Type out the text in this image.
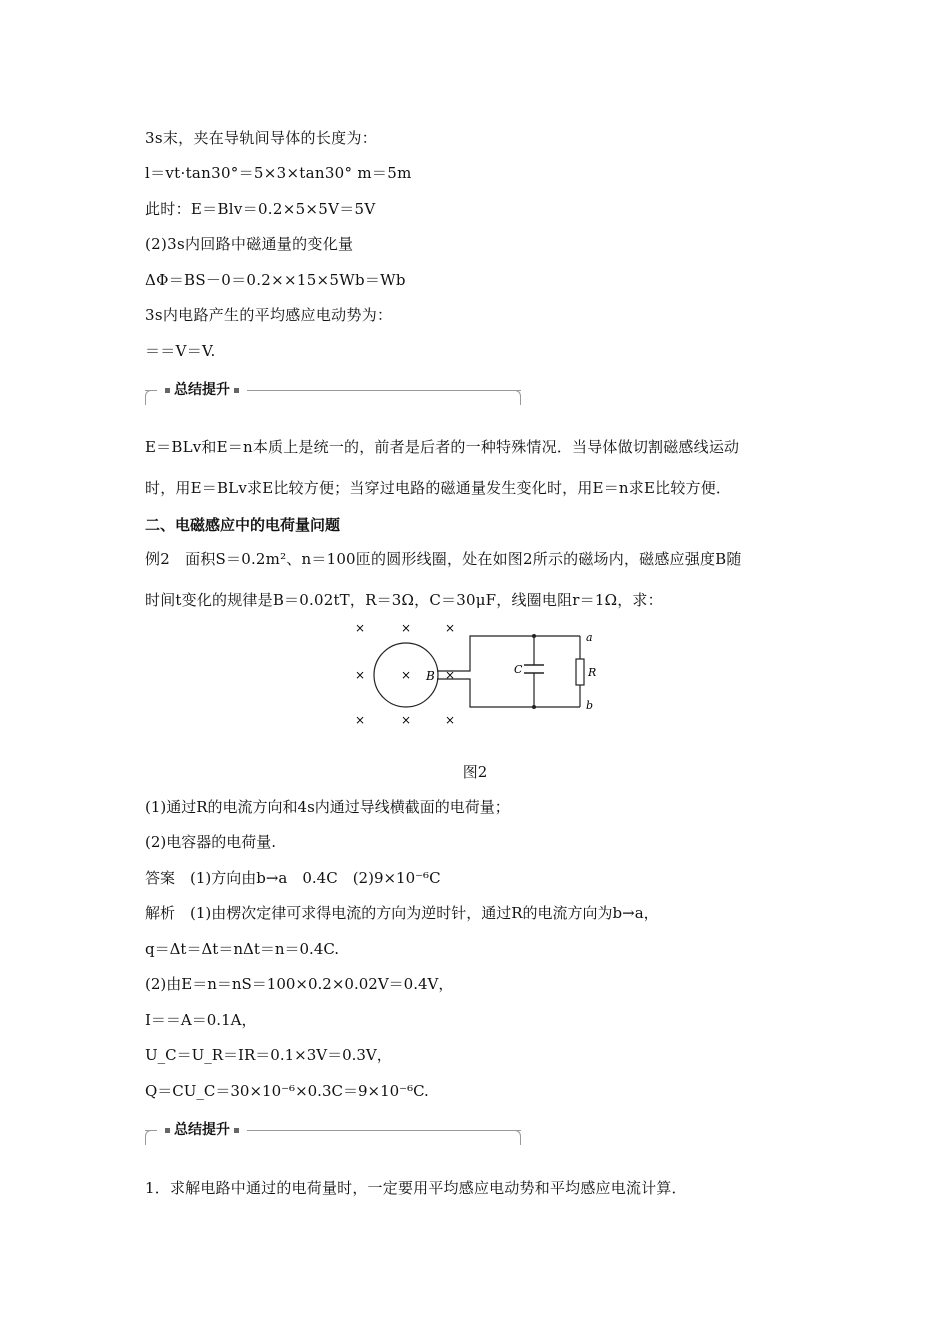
3s末，夹在导轨间导体的长度为：
l＝vt·tan30°＝5×3×tan30° m＝5m
此时：E＝Blv＝0.2×5×5V＝5V
(2)3s内回路中磁通量的变化量
ΔΦ＝BS－0＝0.2××15×5Wb＝Wb
3s内电路产生的平均感应电动势为：
＝＝V＝V.
总结提升
E＝BLv和E＝n本质上是统一的，前者是后者的一种特殊情况．当导体做切割磁感线运动
时，用E＝BLv求E比较方便；当穿过电路的磁通量发生变化时，用E＝n求E比较方便．
二、电磁感应中的电荷量问题
例2　面积S＝0.2m²、n＝100匝的圆形线圈，处在如图2所示的磁场内，磁感应强度B随
时间t变化的规律是B＝0.02tT，R＝3Ω，C＝30μF，线圈电阻r＝1Ω，求：
×	×	×
×	×	×
×	×	×
B	C	R
a
b
图2
(1)通过R的电流方向和4s内通过导线横截面的电荷量；
(2)电容器的电荷量.
答案　(1)方向由b→a　0.4C　(2)9×10⁻⁶C
解析　(1)由楞次定律可求得电流的方向为逆时针，通过R的电流方向为b→a，
q＝Δt＝Δt＝nΔt＝n＝0.4C.
(2)由E＝n＝nS＝100×0.2×0.02V＝0.4V，
I＝＝A＝0.1A，
U_C＝U_R＝IR＝0.1×3V＝0.3V，
Q＝CU_C＝30×10⁻⁶×0.3C＝9×10⁻⁶C.
总结提升
1．求解电路中通过的电荷量时，一定要用平均感应电动势和平均感应电流计算．
